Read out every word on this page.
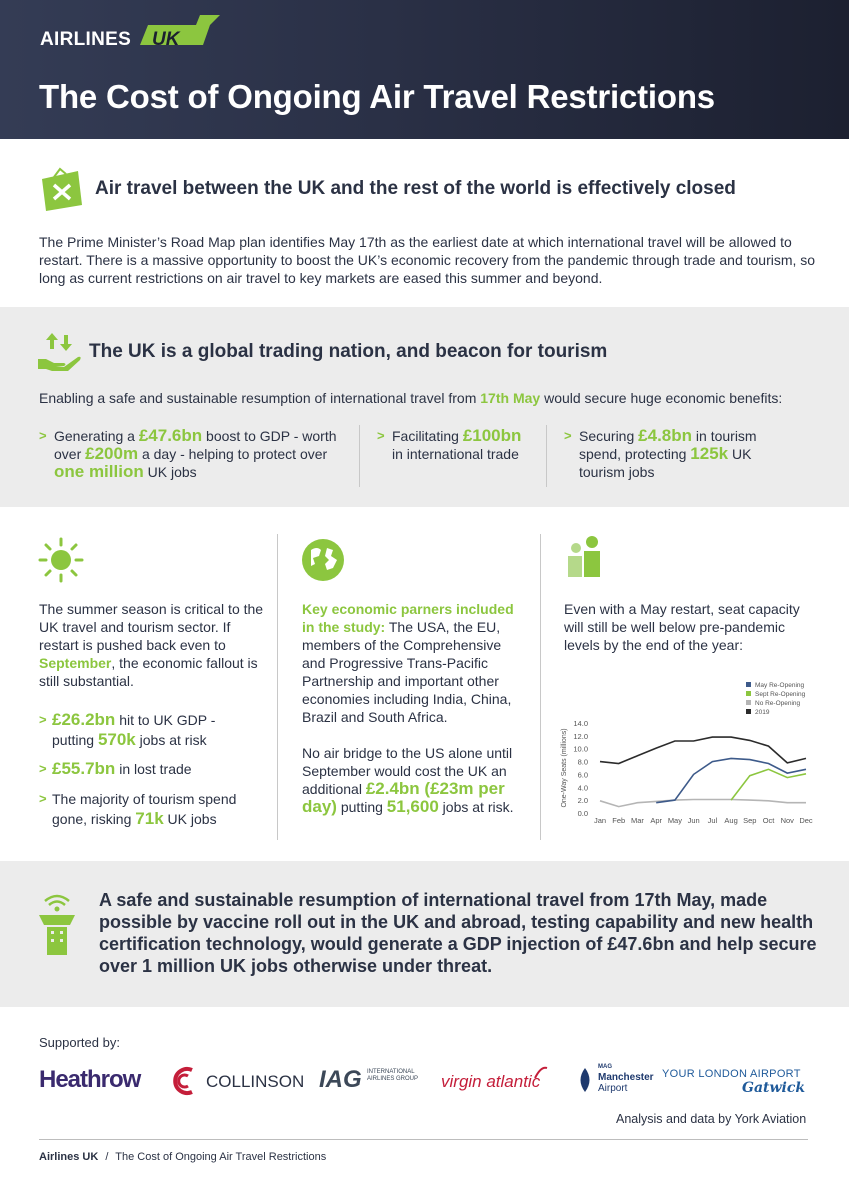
AIRLINES UK
The Cost of Ongoing Air Travel Restrictions
Air travel between the UK and the rest of the world is effectively closed
The Prime Minister’s Road Map plan identifies May 17th as the earliest date at which international travel will be allowed to restart. There is a massive opportunity to boost the UK’s economic recovery from the pandemic through trade and tourism, so long as current restrictions on air travel to key markets are eased this summer and beyond.
The UK is a global trading nation, and beacon for tourism
Enabling a safe and sustainable resumption of international travel from 17th May would secure huge economic benefits:
> Generating a £47.6bn boost to GDP - worth
over £200m a day - helping to protect over
one million UK jobs
> Facilitating £100bn
in international trade
> Securing £4.8bn in tourism
spend, protecting 125k UK
tourism jobs
The summer season is critical to the UK travel and tourism sector. If restart is pushed back even to September, the economic fallout is still substantial.
> £26.2bn hit to UK GDP -
putting 570k jobs at risk
> £55.7bn in lost trade
> The majority of tourism spend
gone, risking 71k UK jobs
Key economic parners included in the study: The USA, the EU, members of the Comprehensive and Progressive Trans-Pacific Partnership and important other economies including India, China, Brazil and South Africa.
No air bridge to the US alone until September would cost the UK an additional £2.4bn (£23m per day) putting 51,600 jobs at risk.
Even with a May restart, seat capacity will still be well below pre-pandemic levels by the end of the year:
One-Way Seats (millions)
14.0
12.0
10.0
8.0
6.0
4.0
2.0
0.0
Jan Feb Mar Apr May Jun Jul Aug Sep Oct Nov Dec
May Re-Opening
Sept Re-Opening
No Re-Opening
2019
A safe and sustainable resumption of international travel from 17th May, made possible by vaccine roll out in the UK and abroad, testing capability and new health certification technology, would generate a GDP injection of £47.6bn and help secure over 1 million UK jobs otherwise under threat.
Supported by:
Heathrow	COLLINSON IAG INTERNATIONAL AIRLINES GROUP	virgin atlantic
MAG
Manchester
Airport
YOUR LONDON AIRPORT
Gatwick
Analysis and data by York Aviation
Airlines UK / The Cost of Ongoing Air Travel Restrictions
